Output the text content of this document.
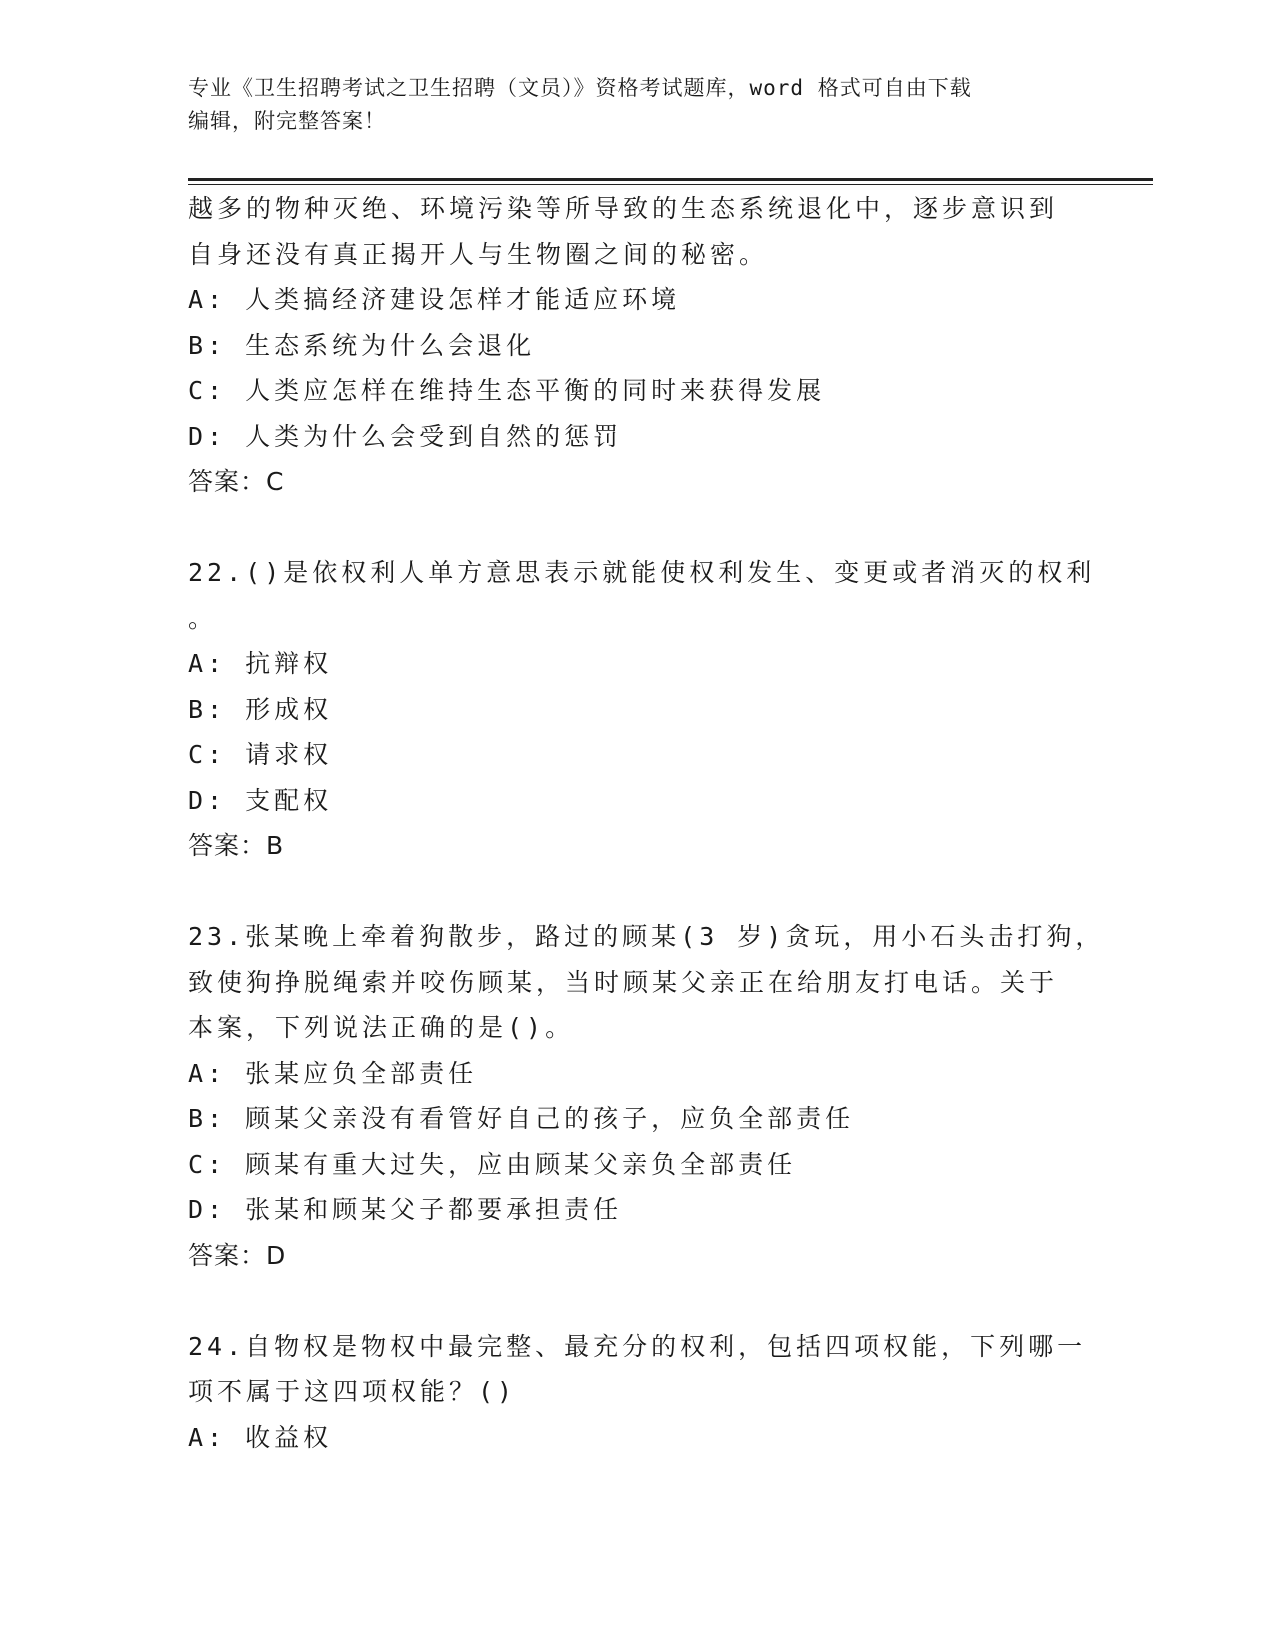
专业《卫生招聘考试之卫生招聘（文员）》资格考试题库，word 格式可自由下载
编辑，附完整答案！
越多的物种灭绝、环境污染等所导致的生态系统退化中，逐步意识到
自身还没有真正揭开人与生物圈之间的秘密。
A: 人类搞经济建设怎样才能适应环境
B: 生态系统为什么会退化
C: 人类应怎样在维持生态平衡的同时来获得发展
D: 人类为什么会受到自然的惩罚
答案：C
22.()是依权利人单方意思表示就能使权利发生、变更或者消灭的权利
。
A: 抗辩权
B: 形成权
C: 请求权
D: 支配权
答案：B
23.张某晚上牵着狗散步，路过的顾某(3 岁)贪玩，用小石头击打狗，
致使狗挣脱绳索并咬伤顾某，当时顾某父亲正在给朋友打电话。关于
本案，下列说法正确的是()。
A: 张某应负全部责任
B: 顾某父亲没有看管好自己的孩子，应负全部责任
C: 顾某有重大过失，应由顾某父亲负全部责任
D: 张某和顾某父子都要承担责任
答案：D
24.自物权是物权中最完整、最充分的权利，包括四项权能，下列哪一
项不属于这四项权能？()
A: 收益权
